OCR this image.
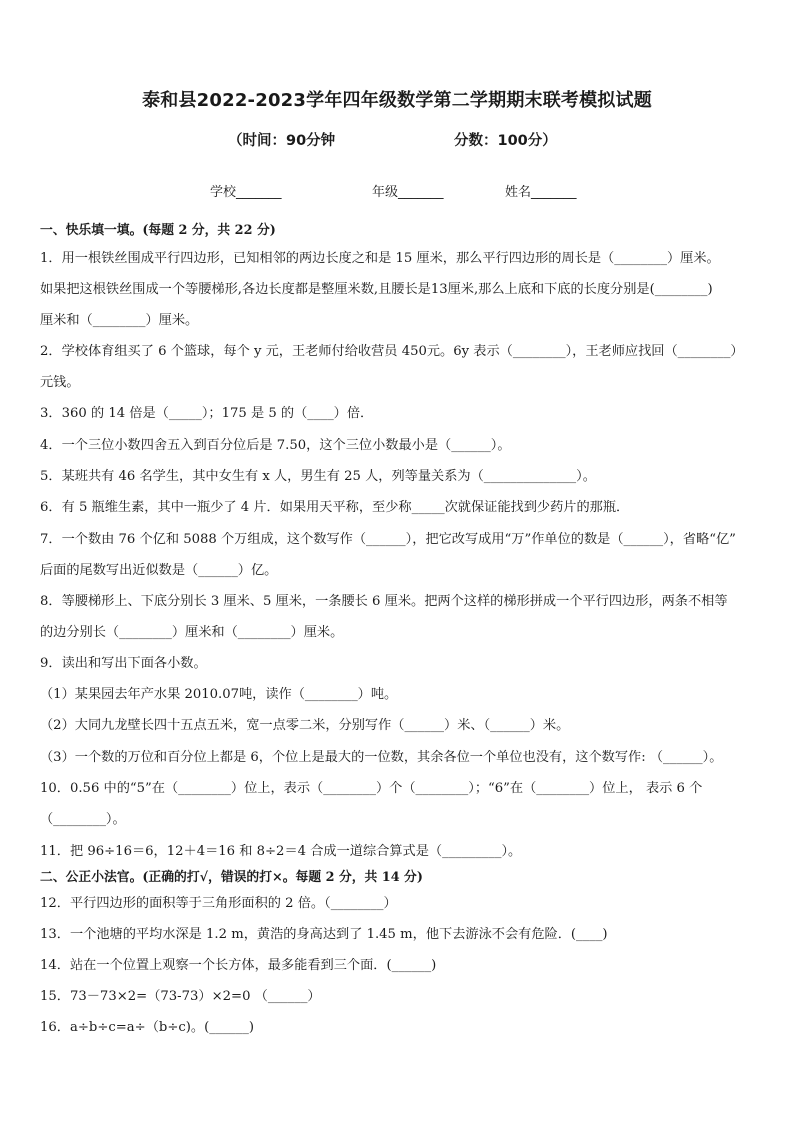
泰和县2022-2023学年四年级数学第二学期期末联考模拟试题
（时间：90分钟	分数：100分）
学校_______	年级_______	姓名_______
一、快乐填一填。(每题 2 分，共 22 分)
1．用一根铁丝围成平行四边形，已知相邻的两边长度之和是 15 厘米，那么平行四边形的周长是（________）厘米。
如果把这根铁丝围成一个等腰梯形,各边长度都是整厘米数,且腰长是13厘米,那么上底和下底的长度分别是(________)
厘米和（________）厘米。
2．学校体育组买了 6 个篮球，每个 y 元，王老师付给收营员 450元。6y 表示（________），王老师应找回（________）
元钱。
3．360 的 14 倍是（_____）；175 是 5 的（____）倍．
4．一个三位小数四舍五入到百分位后是 7.50，这个三位小数最小是（______）。
5．某班共有 46 名学生，其中女生有 x 人，男生有 25 人，列等量关系为（______________）。
6．有 5 瓶维生素，其中一瓶少了 4 片．如果用天平称，至少称_____次就保证能找到少药片的那瓶．
7．一个数由 76 个亿和 5088 个万组成，这个数写作（______），把它改写成用“万”作单位的数是（______），省略“亿”
后面的尾数写出近似数是（______）亿。
8．等腰梯形上、下底分别长 3 厘米、5 厘米，一条腰长 6 厘米。把两个这样的梯形拼成一个平行四边形，两条不相等
的边分别长（________）厘米和（________）厘米。
9．读出和写出下面各小数。
（1）某果园去年产水果 2010.07吨，读作（________）吨。
（2）大同九龙壁长四十五点五米，宽一点零二米，分别写作（______）米、（______）米。
（3）一个数的万位和百分位上都是 6，个位上是最大的一位数，其余各位一个单位也没有，这个数写作: （______）。
10．0.56 中的“5”在（________）位上，表示（________）个（________）；“6”在（________）位上， 表示 6 个
（________）。
11．把 96÷16＝6，12＋4＝16 和 8÷2＝4 合成一道综合算式是（_________）。
二、公正小法官。(正确的打√，错误的打×。每题 2 分，共 14 分)
12．平行四边形的面积等于三角形面积的 2 倍。（________）
13．一个池塘的平均水深是 1.2 m，黄浩的身高达到了 1.45 m，他下去游泳不会有危险．(____)
14．站在一个位置上观察一个长方体，最多能看到三个面．(______)
15．73－73×2=（73-73）×2=0 （______）
16．a÷b÷c=a÷（b÷c)。(______)
